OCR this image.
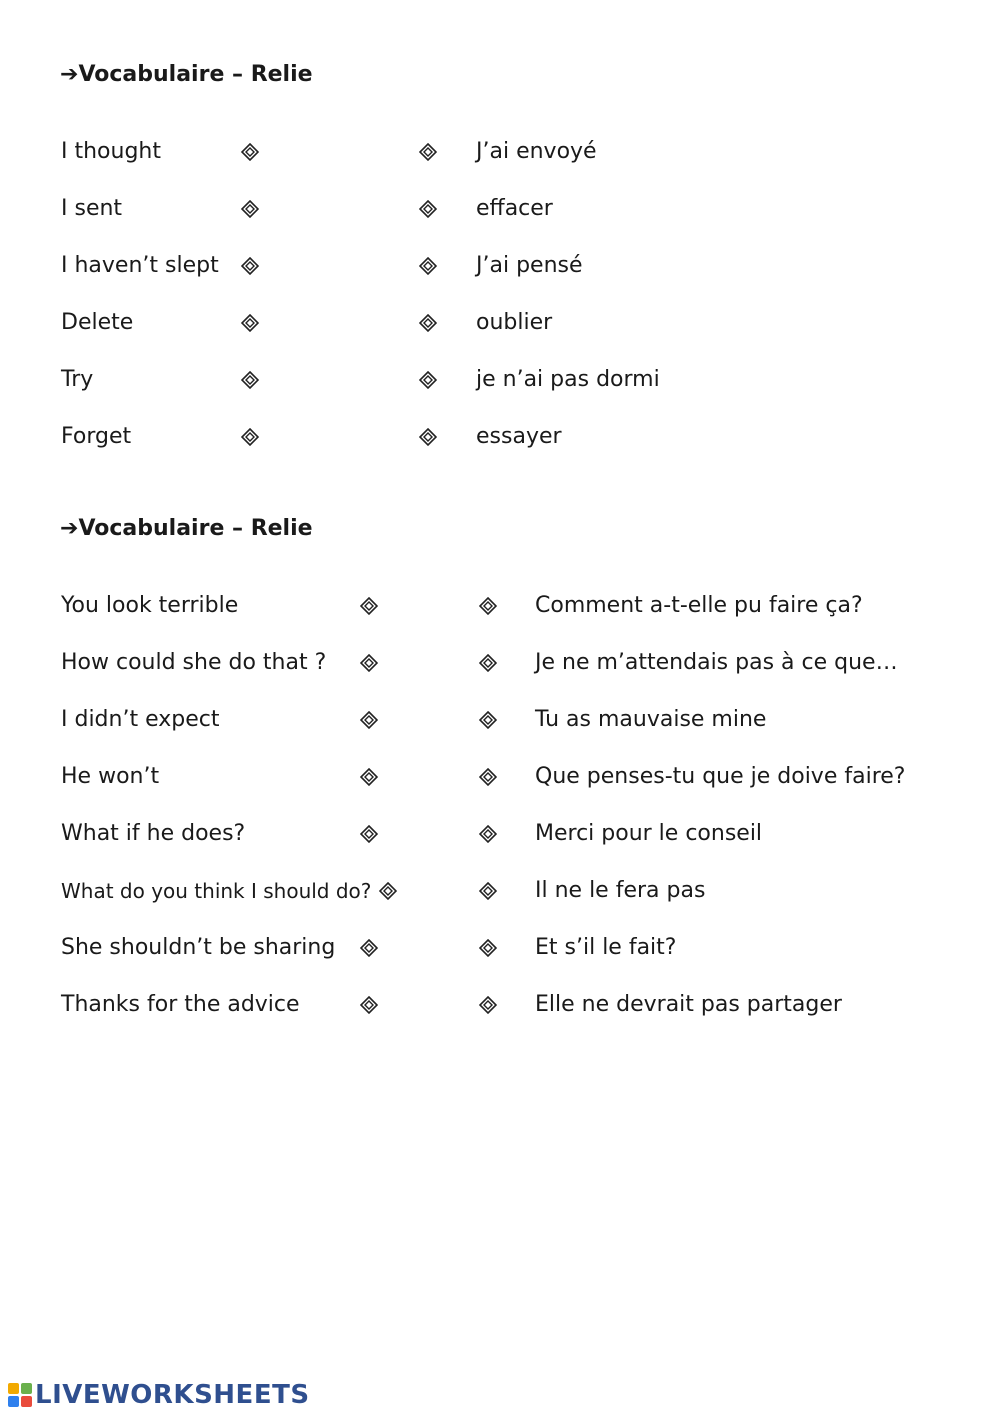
➔Vocabulaire – Relie
I thought	J’ai envoyé
I sent	effacer
I haven’t slept	J’ai pensé
Delete	oublier
Try	je n’ai pas dormi
Forget	essayer
➔Vocabulaire – Relie
You look terrible	Comment a-t-elle pu faire ça?
How could she do that ?	Je ne m’attendais pas à ce que…
I didn’t expect	Tu as mauvaise mine
He won’t	Que penses-tu que je doive faire?
What if he does?	Merci pour le conseil
What do you think I should do?	Il ne le fera pas
She shouldn’t be sharing	Et s’il le fait?
Thanks for the advice	Elle ne devrait pas partager
LIVEWORKSHEETS
